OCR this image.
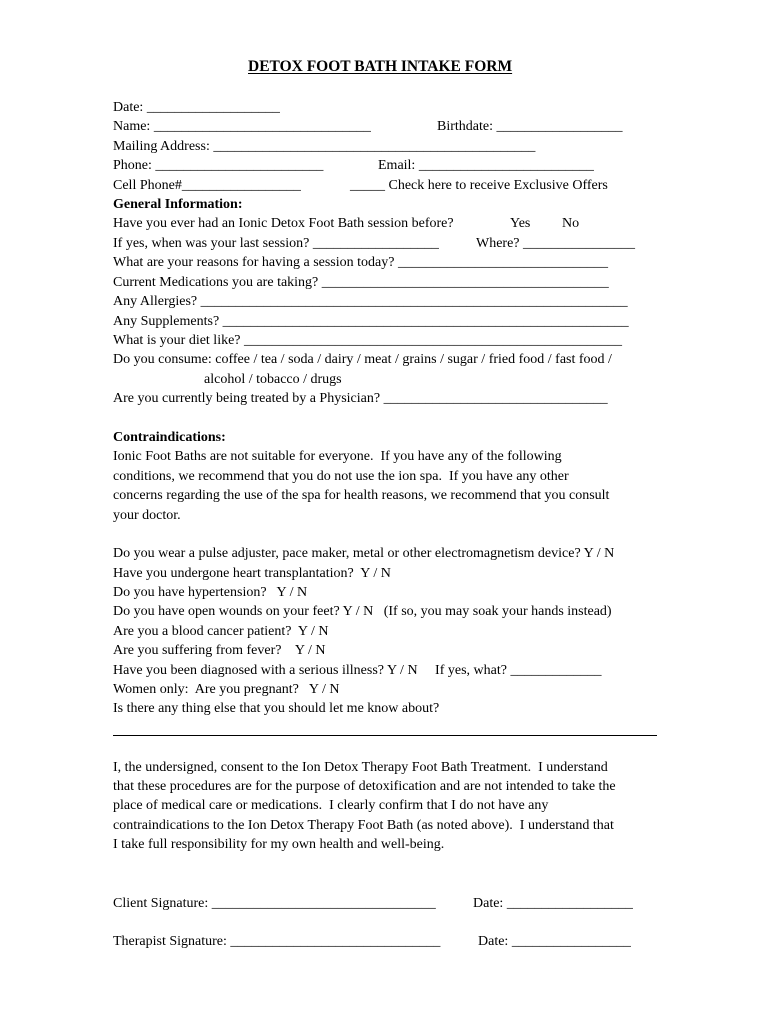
DETOX FOOT BATH INTAKE FORM
Date: ___________________
Name: _______________________________	Birthdate: __________________
Mailing Address: ______________________________________________
Phone: ________________________	Email: _________________________
Cell Phone#_________________	_____ Check here to receive Exclusive Offers
General Information:
Have you ever had an Ionic Detox Foot Bath session before?	Yes No
If yes, when was your last session? __________________	Where? ________________
What are your reasons for having a session today? ______________________________
Current Medications you are taking? _________________________________________
Any Allergies? _____________________________________________________________
Any Supplements? __________________________________________________________
What is your diet like? ______________________________________________________
Do you consume: coffee / tea / soda / dairy / meat / grains / sugar / fried food / fast food /
alcohol / tobacco / drugs
Are you currently being treated by a Physician? ________________________________
Contraindications:
Ionic Foot Baths are not suitable for everyone.  If you have any of the following
conditions, we recommend that you do not use the ion spa.  If you have any other
concerns regarding the use of the spa for health reasons, we recommend that you consult
your doctor.
Do you wear a pulse adjuster, pace maker, metal or other electromagnetism device? Y / N
Have you undergone heart transplantation?  Y / N
Do you have hypertension?   Y / N
Do you have open wounds on your feet? Y / N   (If so, you may soak your hands instead)
Are you a blood cancer patient?  Y / N
Are you suffering from fever?    Y / N
Have you been diagnosed with a serious illness? Y / N     If yes, what? _____________
Women only:  Are you pregnant?   Y / N
Is there any thing else that you should let me know about?
I, the undersigned, consent to the Ion Detox Therapy Foot Bath Treatment.  I understand
that these procedures are for the purpose of detoxification and are not intended to take the
place of medical care or medications.  I clearly confirm that I do not have any
contraindications to the Ion Detox Therapy Foot Bath (as noted above).  I understand that
I take full responsibility for my own health and well-being.
Client Signature: ________________________________	Date: __________________
Therapist Signature: ______________________________	Date: _________________
